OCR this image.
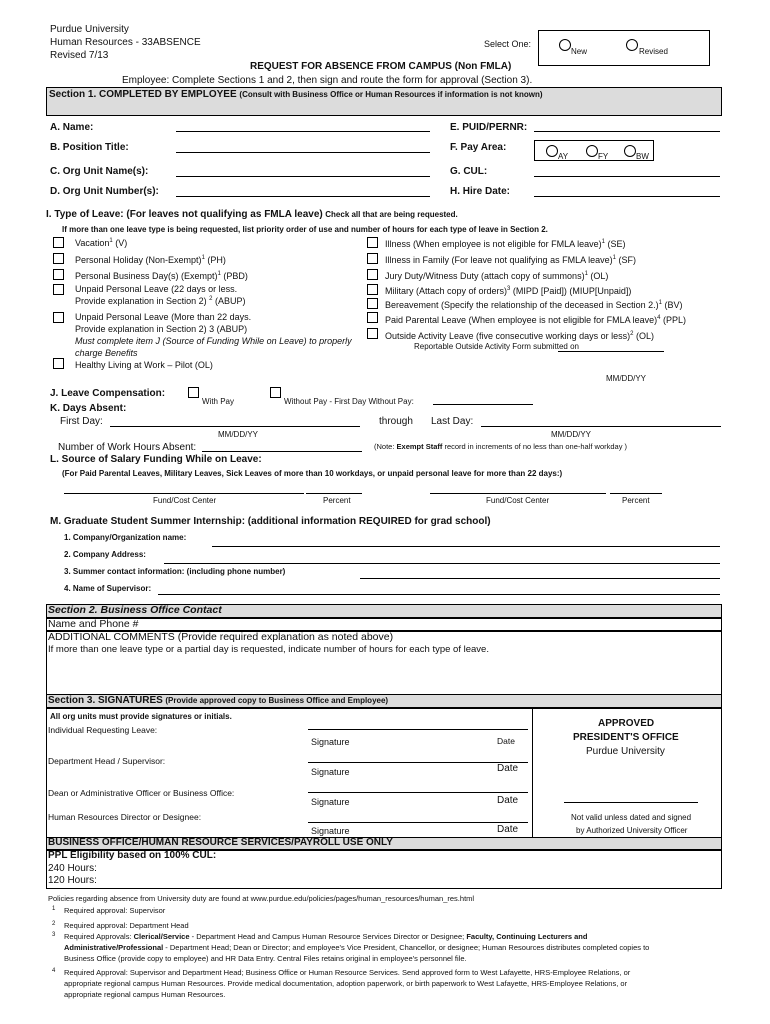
Purdue University
Human Resources - 33ABSENCE
Revised 7/13
Select One:
New	Revised
REQUEST FOR ABSENCE FROM CAMPUS (Non FMLA)
Employee: Complete Sections 1 and 2, then sign and route the form for approval (Section 3).
Section 1. COMPLETED BY EMPLOYEE (Consult with Business Office or Human Resources if information is not known)
A. Name:
B. Position Title:
C. Org Unit Name(s):
D. Org Unit Number(s):
E. PUID/PERNR:
F. Pay Area:
AY	FY	BW
G. CUL:
H. Hire Date:
I. Type of Leave: (For leaves not qualifying as FMLA leave) Check all that are being requested.
If more than one leave type is being requested, list priority order of use and number of hours for each type of leave in Section 2.
Vacation$^1$ (V)
Personal Holiday (Non-Exempt)$^1$ (PH)
Personal Business Day(s) (Exempt)$^1$ (PBD)
Unpaid Personal Leave (22 days or less.
Provide explanation in Section 2) $^2$ (ABUP)
Unpaid Personal Leave (More than 22 days.
Provide explanation in Section 2) 3 (ABUP)
Must complete item J (Source of Funding While on Leave) to properly
charge Benefits
Healthy Living at Work – Pilot (OL)
Illness (When employee is not eligible for FMLA leave)$^1$ (SE)
Illness in Family (For leave not qualifying as FMLA leave)$^1$ (SF)
Jury Duty/Witness Duty (attach copy of summons)$^1$ (OL)
Military (Attach copy of orders)$^3$ (MIPD [Paid]) (MIUP[Unpaid])
Bereavement (Specify the relationship of the deceased in Section 2.)$^1$ (BV)
Paid Parental Leave (When employee is not eligible for FMLA leave)$^4$ (PPL)
Outside Activity Leave (five consecutive working days or less)$^2$ (OL)
Reportable Outside Activity Form submitted on
MM/DD/YY
J. Leave Compensation:
With Pay	Without Pay - First Day Without Pay:
K. Days Absent:
First Day:	through Last Day:
MM/DD/YY	MM/DD/YY
Number of Work Hours Absent:	(Note: Exempt Staff record in increments of no less than one-half workday )
L. Source of Salary Funding While on Leave:
(For Paid Parental Leaves, Military Leaves, Sick Leaves of more than 10 workdays, or unpaid personal leave for more than 22 days:)
Fund/Cost Center	Percent	Fund/Cost Center	Percent
M. Graduate Student Summer Internship: (additional information REQUIRED for grad school)
1. Company/Organization name:
2. Company Address:
3. Summer contact information: (including phone number)
4. Name of Supervisor:
Section 2. Business Office Contact
Name and Phone #
ADDITIONAL COMMENTS (Provide required explanation as noted above)
If more than one leave type or a partial day is requested, indicate number of hours for each type of leave.
Section 3. SIGNATURES (Provide approved copy to Business Office and Employee)
All org units must provide signatures or initials.
Individual Requesting Leave:
Signature	Date
Department Head / Supervisor:
Signature	Date
Dean or Administrative Officer or Business Office:
Signature	Date
Human Resources Director or Designee:
Signature	Date
APPROVED
PRESIDENT'S OFFICE
Purdue University
Not valid unless dated and signed
by Authorized University Officer
BUSINESS OFFICE/HUMAN RESOURCE SERVICES/PAYROLL USE ONLY
PPL Eligibility based on 100% CUL:
240 Hours:
120 Hours:
Policies regarding absence from University duty are found at www.purdue.edu/policies/pages/human_resources/human_res.html
1 Required approval: Supervisor
2 Required approval: Department Head
3 Required Approvals: Clerical/Service - Department Head and Campus Human Resource Services Director or Designee; Faculty, Continuing Lecturers and
Administrative/Professional - Department Head; Dean or Director; and employee's Vice President, Chancellor, or designee; Human Resources distributes completed copies to
Business Office (provide copy to employee) and HR Data Entry. Central Files retains original in employee's personnel file.
4 Required Approval: Supervisor and Department Head; Business Office or Human Resource Services. Send approved form to West Lafayette, HRS-Employee Relations, or
appropriate regional campus Human Resources. Provide medical documentation, adoption paperwork, or birth paperwork to West Lafayette, HRS-Employee Relations, or
appropriate regional campus Human Resources.
